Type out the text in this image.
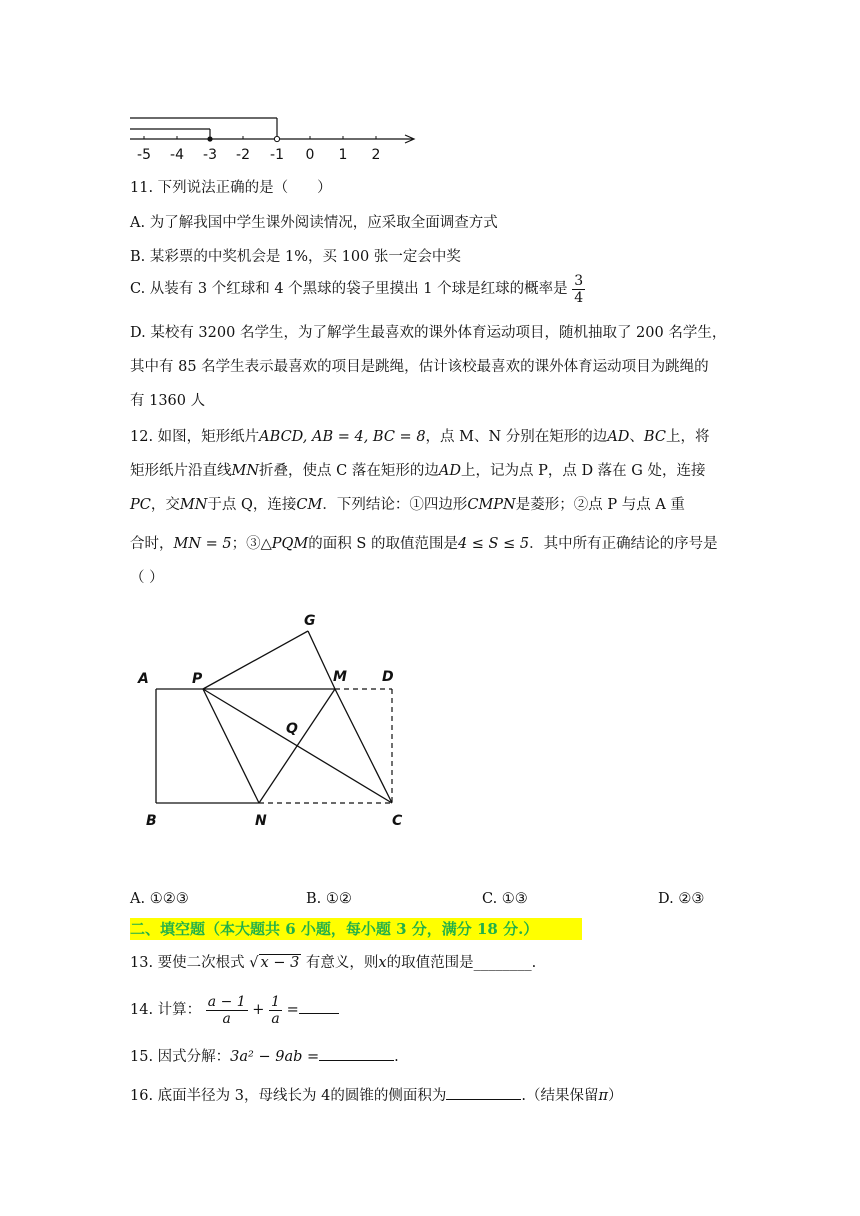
-5 -4 -3 -2 -1 0 1 2
11. 下列说法正确的是（　　）
A. 为了解我国中学生课外阅读情况，应采取全面调查方式
B. 某彩票的中奖机会是 1%，买 100 张一定会中奖
C. 从装有 3 个红球和 4 个黑球的袋子里摸出 1 个球是红球的概率是 $\frac{3}{4}$
D. 某校有 3200 名学生，为了解学生最喜欢的课外体育运动项目，随机抽取了 200 名学生，
其中有 85 名学生表示最喜欢的项目是跳绳，估计该校最喜欢的课外体育运动项目为跳绳的
有 1360 人
12. 如图，矩形纸片ABCD, AB = 4, BC = 8，点 M、N 分别在矩形的边AD、BC上，将
矩形纸片沿直线MN折叠，使点 C 落在矩形的边AD上，记为点 P，点 D 落在 G 处，连接
PC，交MN于点 Q，连接CM．下列结论：①四边形CMPN是菱形；②点 P 与点 A 重
合时，MN = 5；③△PQM的面积 S 的取值范围是4 ≤ S ≤ 5．其中所有正确结论的序号是
（ ）
A	P
G
M	D
Q
B	N	C
A. ①②③	B. ①②	C. ①③	D. ②③
二、填空题（本大题共 6 小题，每小题 3 分，满分 18 分.）
13. 要使二次根式 √ x − 3 有意义，则x的取值范围是________.
14. 计算： $\frac{a - 1}{a} + \frac{1}{a}$ =
15. 因式分解：3a² − 9ab =	.
16. 底面半径为 3，母线长为 4的圆锥的侧面积为	.（结果保留π）
